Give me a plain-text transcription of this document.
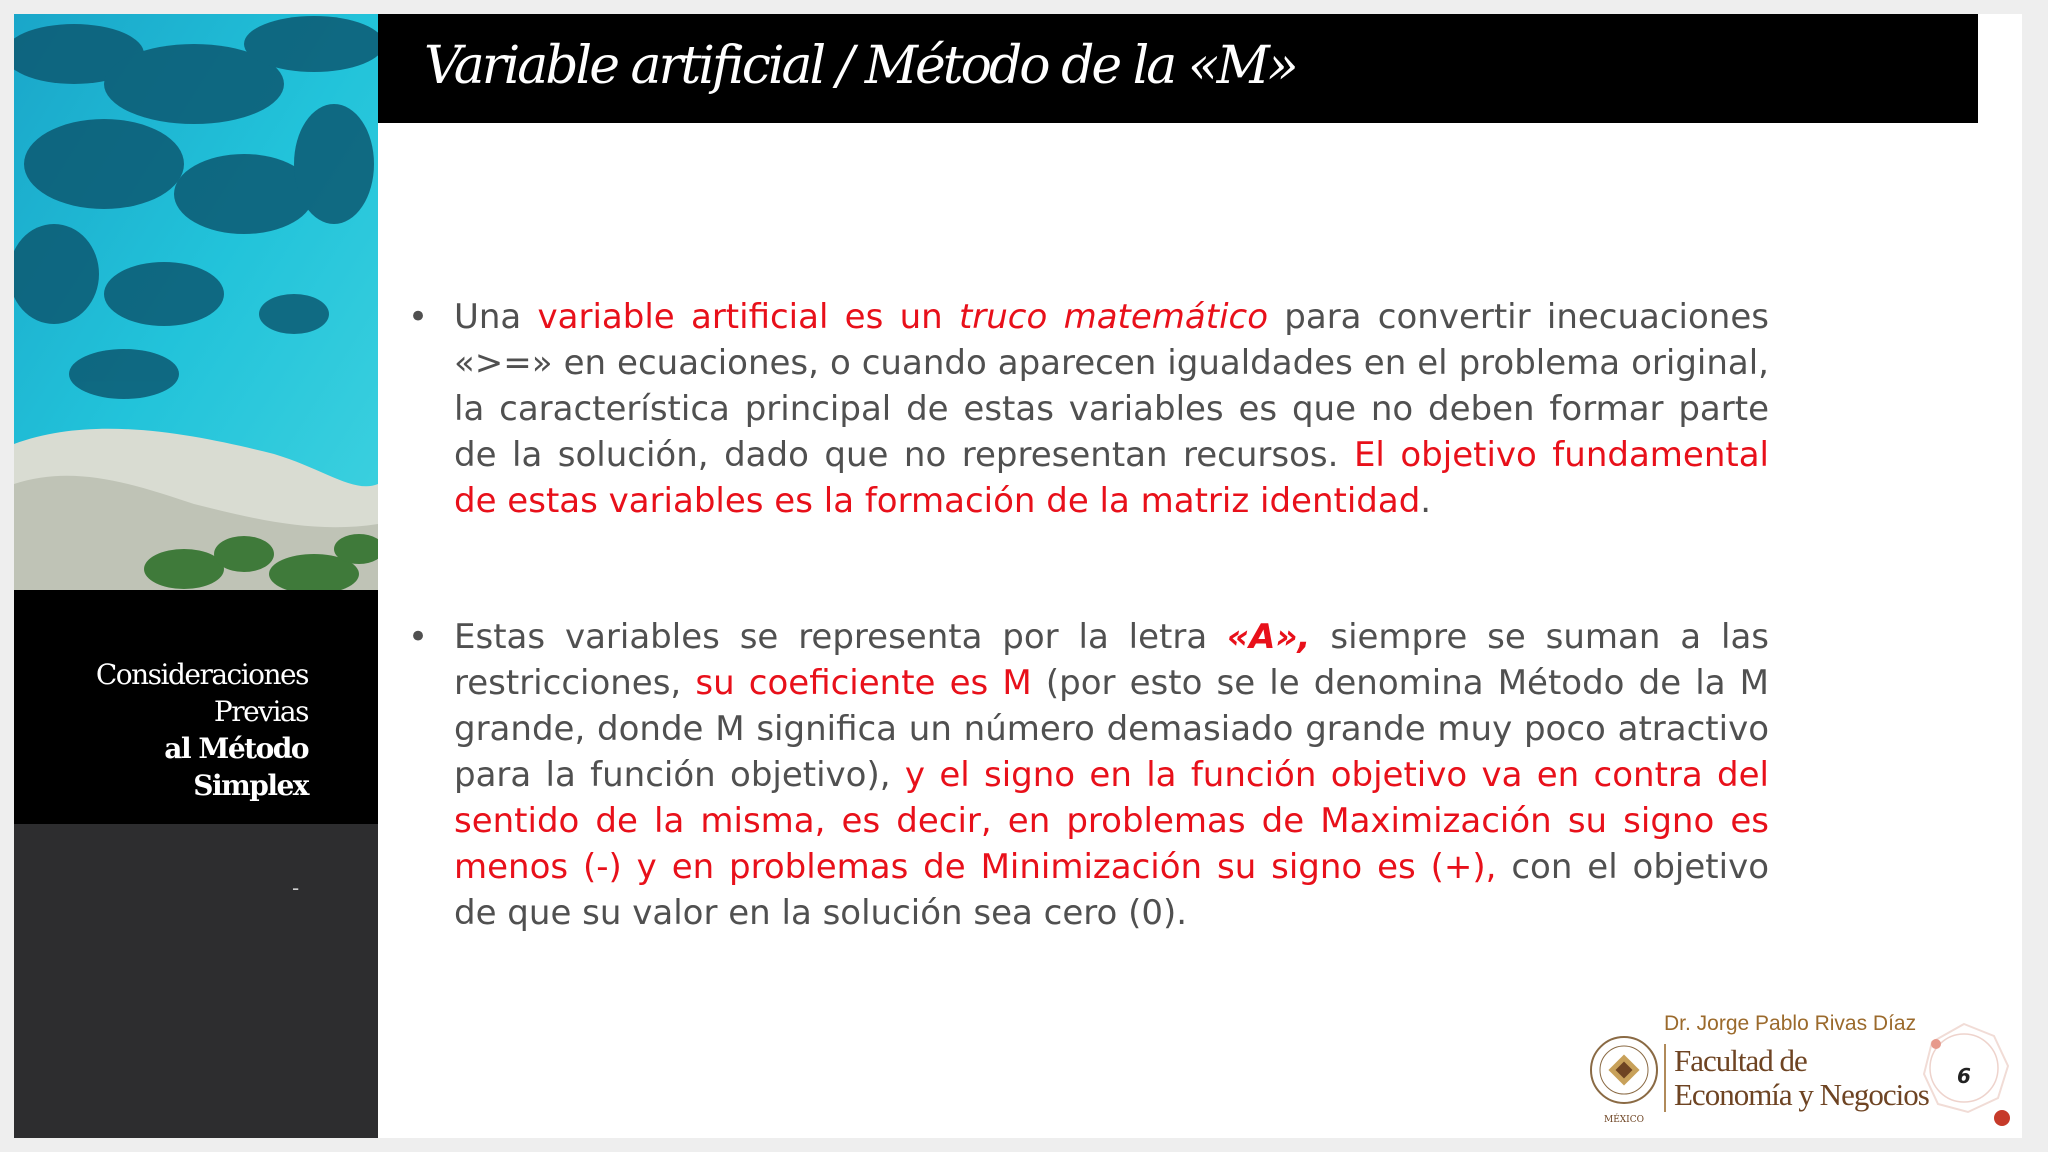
Consideraciones
Previas
al Método
Simplex
-
Variable artificial / Método de la «M»
• Una variable artificial es un truco matemático para convertir inecuaciones «>=» en ecuaciones, o cuando aparecen igualdades en el problema original, la característica principal de estas variables es que no deben formar parte de la solución, dado que no representan recursos. El objetivo fundamental de estas variables es la formación de la matriz identidad.
• Estas variables se representa por la letra «A», siempre se suman a las restricciones, su coeficiente es M (por esto se le denomina Método de la M grande, donde M significa un número demasiado grande muy poco atractivo para la función objetivo), y el signo en la función objetivo va en contra del sentido de la misma, es decir, en problemas de Maximización su signo es menos (-) y en problemas de Minimización su signo es (+), con el objetivo de que su valor en la solución sea cero (0).
MÉXICO
Dr. Jorge Pablo Rivas Díaz
Facultad de
Economía y Negocios
6
